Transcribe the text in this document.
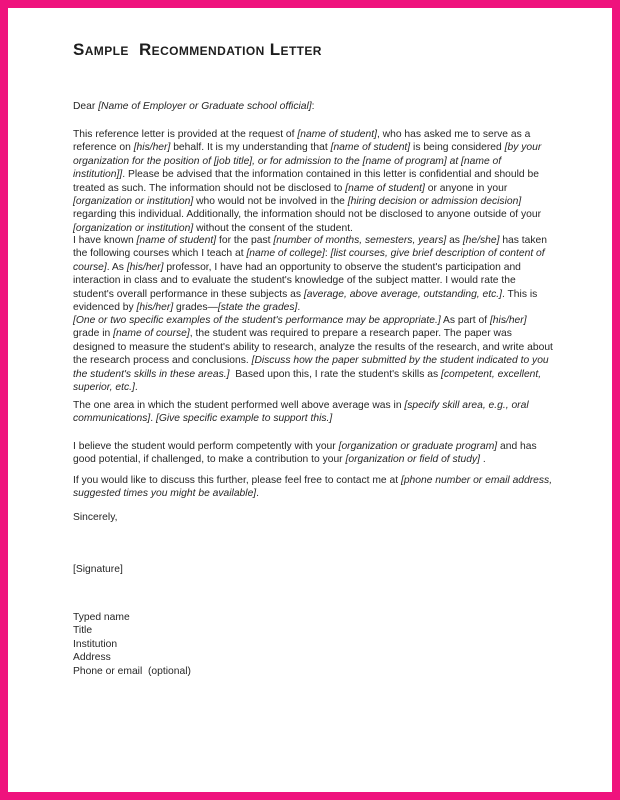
Sample  Recommendation Letter
Dear [Name of Employer or Graduate school official]:
This reference letter is provided at the request of [name of student], who has asked me to serve as a
reference on [his/her] behalf. It is my understanding that [name of student] is being considered [by your
organization for the position of [job title], or for admission to the [name of program] at [name of
institution]]. Please be advised that the information contained in this letter is confidential and should be
treated as such. The information should not be disclosed to [name of student] or anyone in your
[organization or institution] who would not be involved in the [hiring decision or admission decision]
regarding this individual. Additionally, the information should not be disclosed to anyone outside of your
[organization or institution] without the consent of the student.
I have known [name of student] for the past [number of months, semesters, years] as [he/she] has taken
the following courses which I teach at [name of college]: [list courses, give brief description of content of
course]. As [his/her] professor, I have had an opportunity to observe the student's participation and
interaction in class and to evaluate the student's knowledge of the subject matter. I would rate the
student's overall performance in these subjects as [average, above average, outstanding, etc.]. This is
evidenced by [his/her] grades—[state the grades].
[One or two specific examples of the student's performance may be appropriate.] As part of [his/her]
grade in [name of course], the student was required to prepare a research paper. The paper was
designed to measure the student's ability to research, analyze the results of the research, and write about
the research process and conclusions. [Discuss how the paper submitted by the student indicated to you
the student's skills in these areas.]  Based upon this, I rate the student's skills as [competent, excellent,
superior, etc.].
The one area in which the student performed well above average was in [specify skill area, e.g., oral
communications]. [Give specific example to support this.]
I believe the student would perform competently with your [organization or graduate program] and has
good potential, if challenged, to make a contribution to your [organization or field of study] .
If you would like to discuss this further, please feel free to contact me at [phone number or email address,
suggested times you might be available].
Sincerely,
[Signature]
Typed name
Title
Institution
Address
Phone or email  (optional)
